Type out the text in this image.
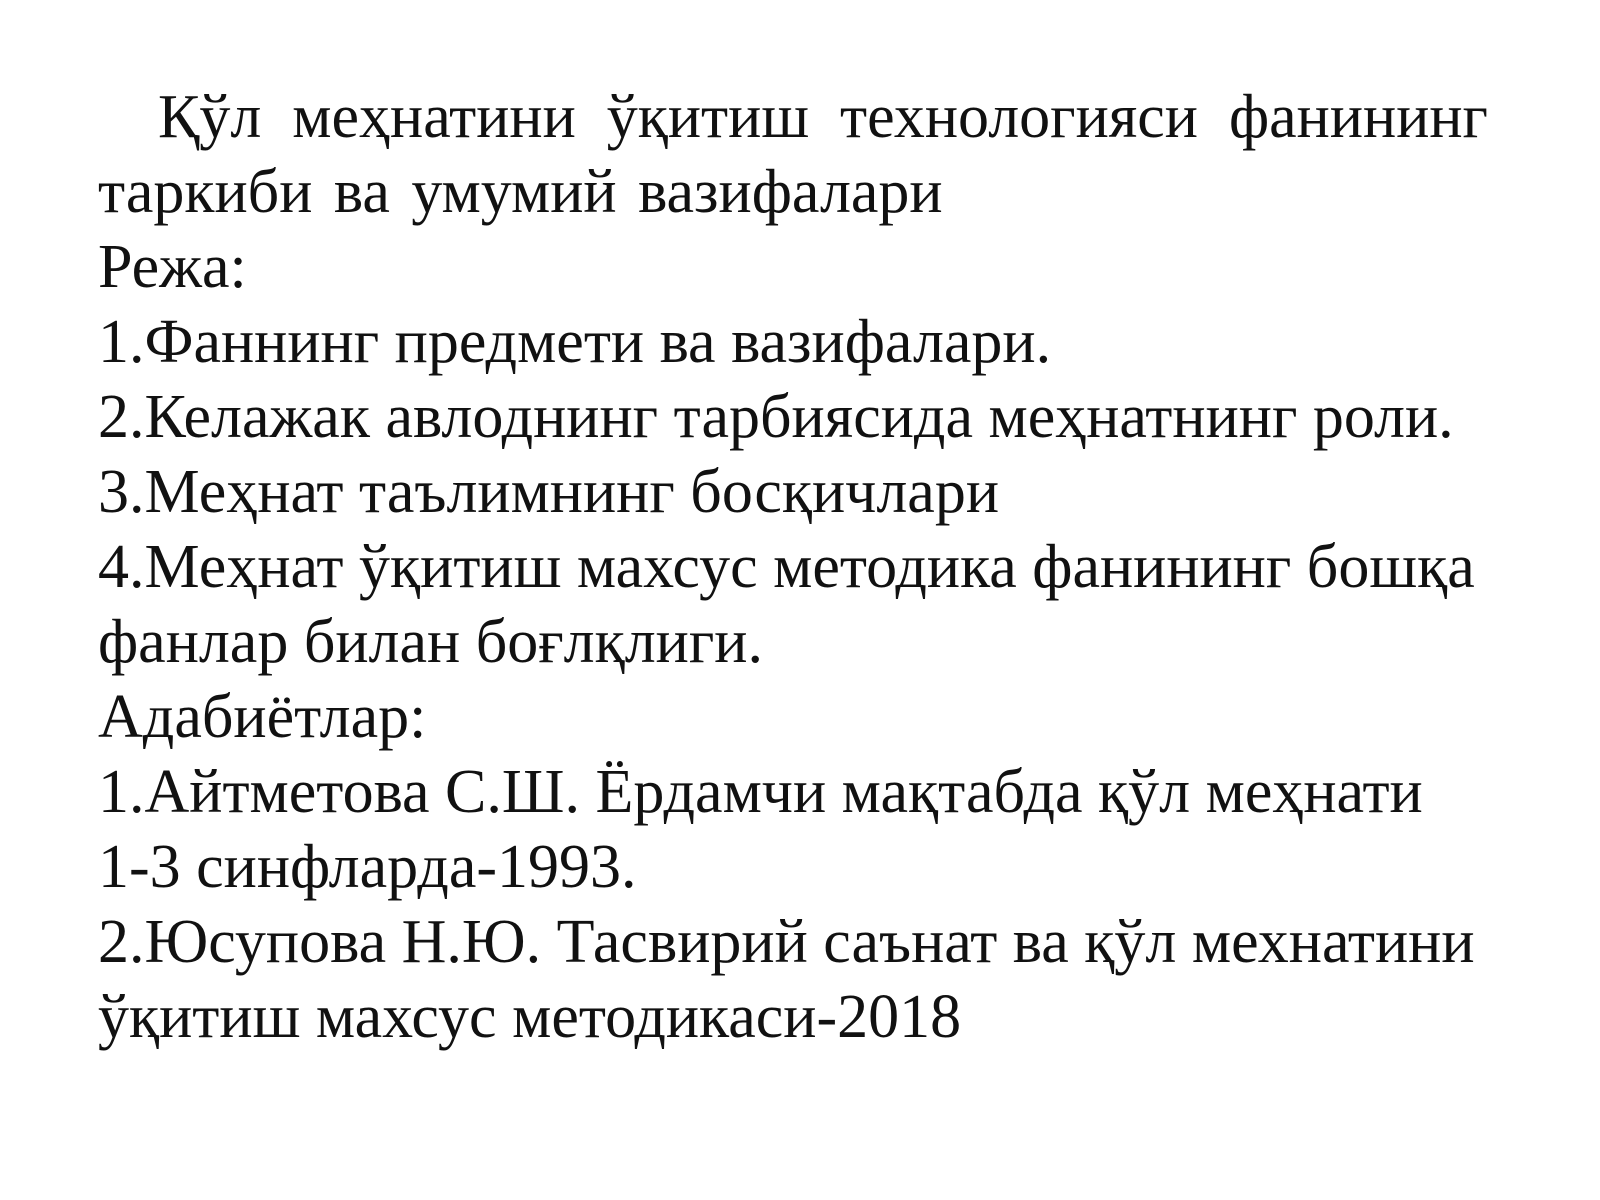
Қўл меҳнатини ўқитиш технологияси фанининг таркиби ва умумий вазифалари

Режа:

1.Фаннинг предмети ва вазифалари.
2.Келажак авлоднинг тарбиясида меҳнатнинг роли.
3.Меҳнат таълимнинг босқичлари
4.Меҳнат ўқитиш махсус методика фанининг бошқа фанлар билан боғлқлиги.

Адабиётлар:

1.Айтметова С.Ш. Ёрдамчи мақтабда қўл меҳнати 1-3 синфларда-1993.
2.Юсупова Н.Ю. Тасвирий саънат ва қўл мехнатини ўқитиш махсус методикаси-2018
